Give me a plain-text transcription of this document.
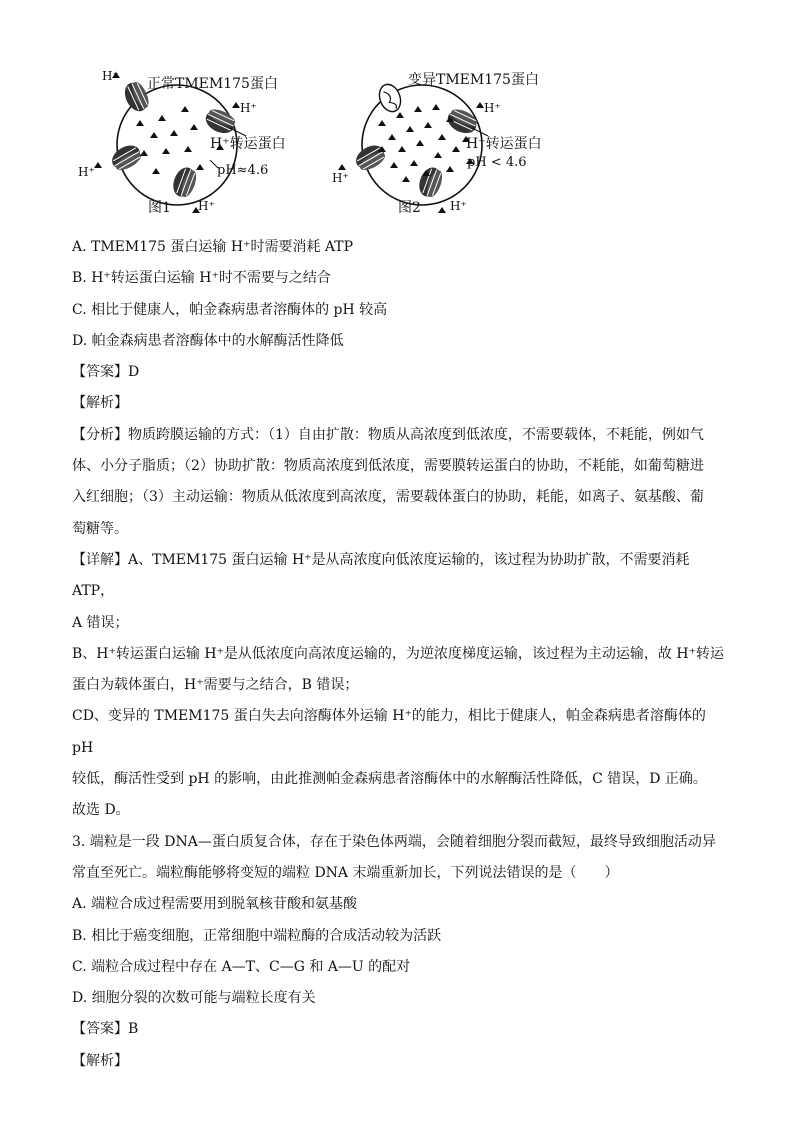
H⁺ 正常TMEM175蛋白
H⁺
H⁺转运蛋白
pH≈4.6
H⁺
H⁺
图1
变异TMEM175蛋白
H⁺
H⁺转运蛋白
pH < 4.6
H⁺
H⁺
图2

A. TMEM175 蛋白运输 H⁺时需要消耗 ATP

B. H⁺转运蛋白运输 H⁺时不需要与之结合

C. 相比于健康人，帕金森病患者溶酶体的 pH 较高

D. 帕金森病患者溶酶体中的水解酶活性降低

【答案】D

【解析】

【分析】物质跨膜运输的方式：（1）自由扩散：物质从高浓度到低浓度，不需要载体，不耗能，例如气

体、小分子脂质；（2）协助扩散：物质高浓度到低浓度，需要膜转运蛋白的协助，不耗能，如葡萄糖进

入红细胞；（3）主动运输：物质从低浓度到高浓度，需要载体蛋白的协助，耗能，如离子、氨基酸、葡

萄糖等。

【详解】A、TMEM175 蛋白运输 H⁺是从高浓度向低浓度运输的，该过程为协助扩散，不需要消耗 ATP，

A 错误；

B、H⁺转运蛋白运输 H⁺是从低浓度向高浓度运输的，为逆浓度梯度运输，该过程为主动运输，故 H⁺转运

蛋白为载体蛋白，H⁺需要与之结合，B 错误；

CD、变异的 TMEM175 蛋白失去向溶酶体外运输 H⁺的能力，相比于健康人，帕金森病患者溶酶体的 pH

较低，酶活性受到 pH 的影响，由此推测帕金森病患者溶酶体中的水解酶活性降低，C 错误，D 正确。

故选 D。

3. 端粒是一段 DNA—蛋白质复合体，存在于染色体两端，会随着细胞分裂而截短，最终导致细胞活动异

常直至死亡。端粒酶能够将变短的端粒 DNA 末端重新加长，下列说法错误的是（　　）

A. 端粒合成过程需要用到脱氧核苷酸和氨基酸

B. 相比于癌变细胞，正常细胞中端粒酶的合成活动较为活跃

C. 端粒合成过程中存在 A—T、C—G 和 A—U 的配对

D. 细胞分裂的次数可能与端粒长度有关

【答案】B

【解析】
